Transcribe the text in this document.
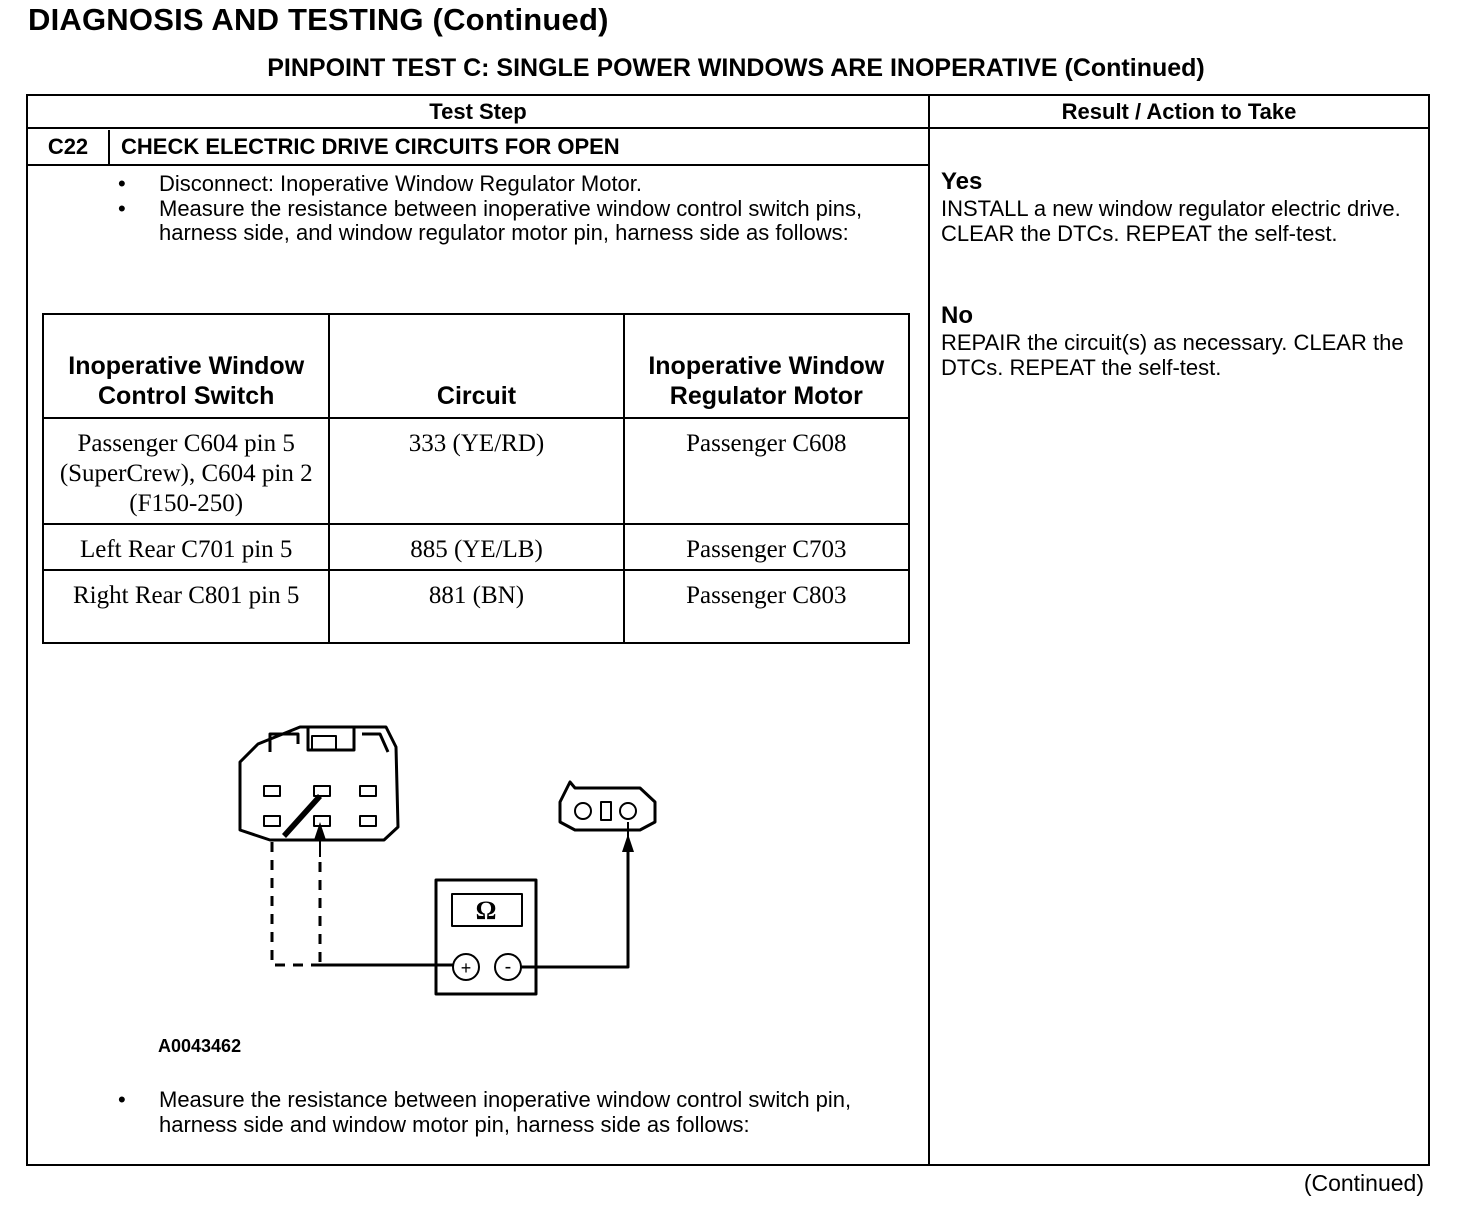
DIAGNOSIS AND TESTING (Continued)
PINPOINT TEST C: SINGLE POWER WINDOWS ARE INOPERATIVE (Continued)
Test Step	Result / Action to Take
C22	CHECK ELECTRIC DRIVE CIRCUITS FOR OPEN
• Disconnect: Inoperative Window Regulator Motor.
• Measure the resistance between inoperative window control switch pins, harness side, and window regulator motor pin, harness side as follows:
Inoperative Window Control Switch	Circuit	Inoperative Window Regulator Motor
Passenger C604 pin 5 (SuperCrew), C604 pin 2 (F150-250)	333 (YE/RD)	Passenger C608
Left Rear C701 pin 5	885 (YE/LB)	Passenger C703
Right Rear C801 pin 5	881 (BN)	Passenger C803
Ω
+ -
A0043462
• Measure the resistance between inoperative window control switch pin, harness side and window motor pin, harness side as follows:
Yes
INSTALL a new window regulator electric drive. CLEAR the DTCs. REPEAT the self-test.
No
REPAIR the circuit(s) as necessary. CLEAR the DTCs. REPEAT the self-test.
(Continued)
